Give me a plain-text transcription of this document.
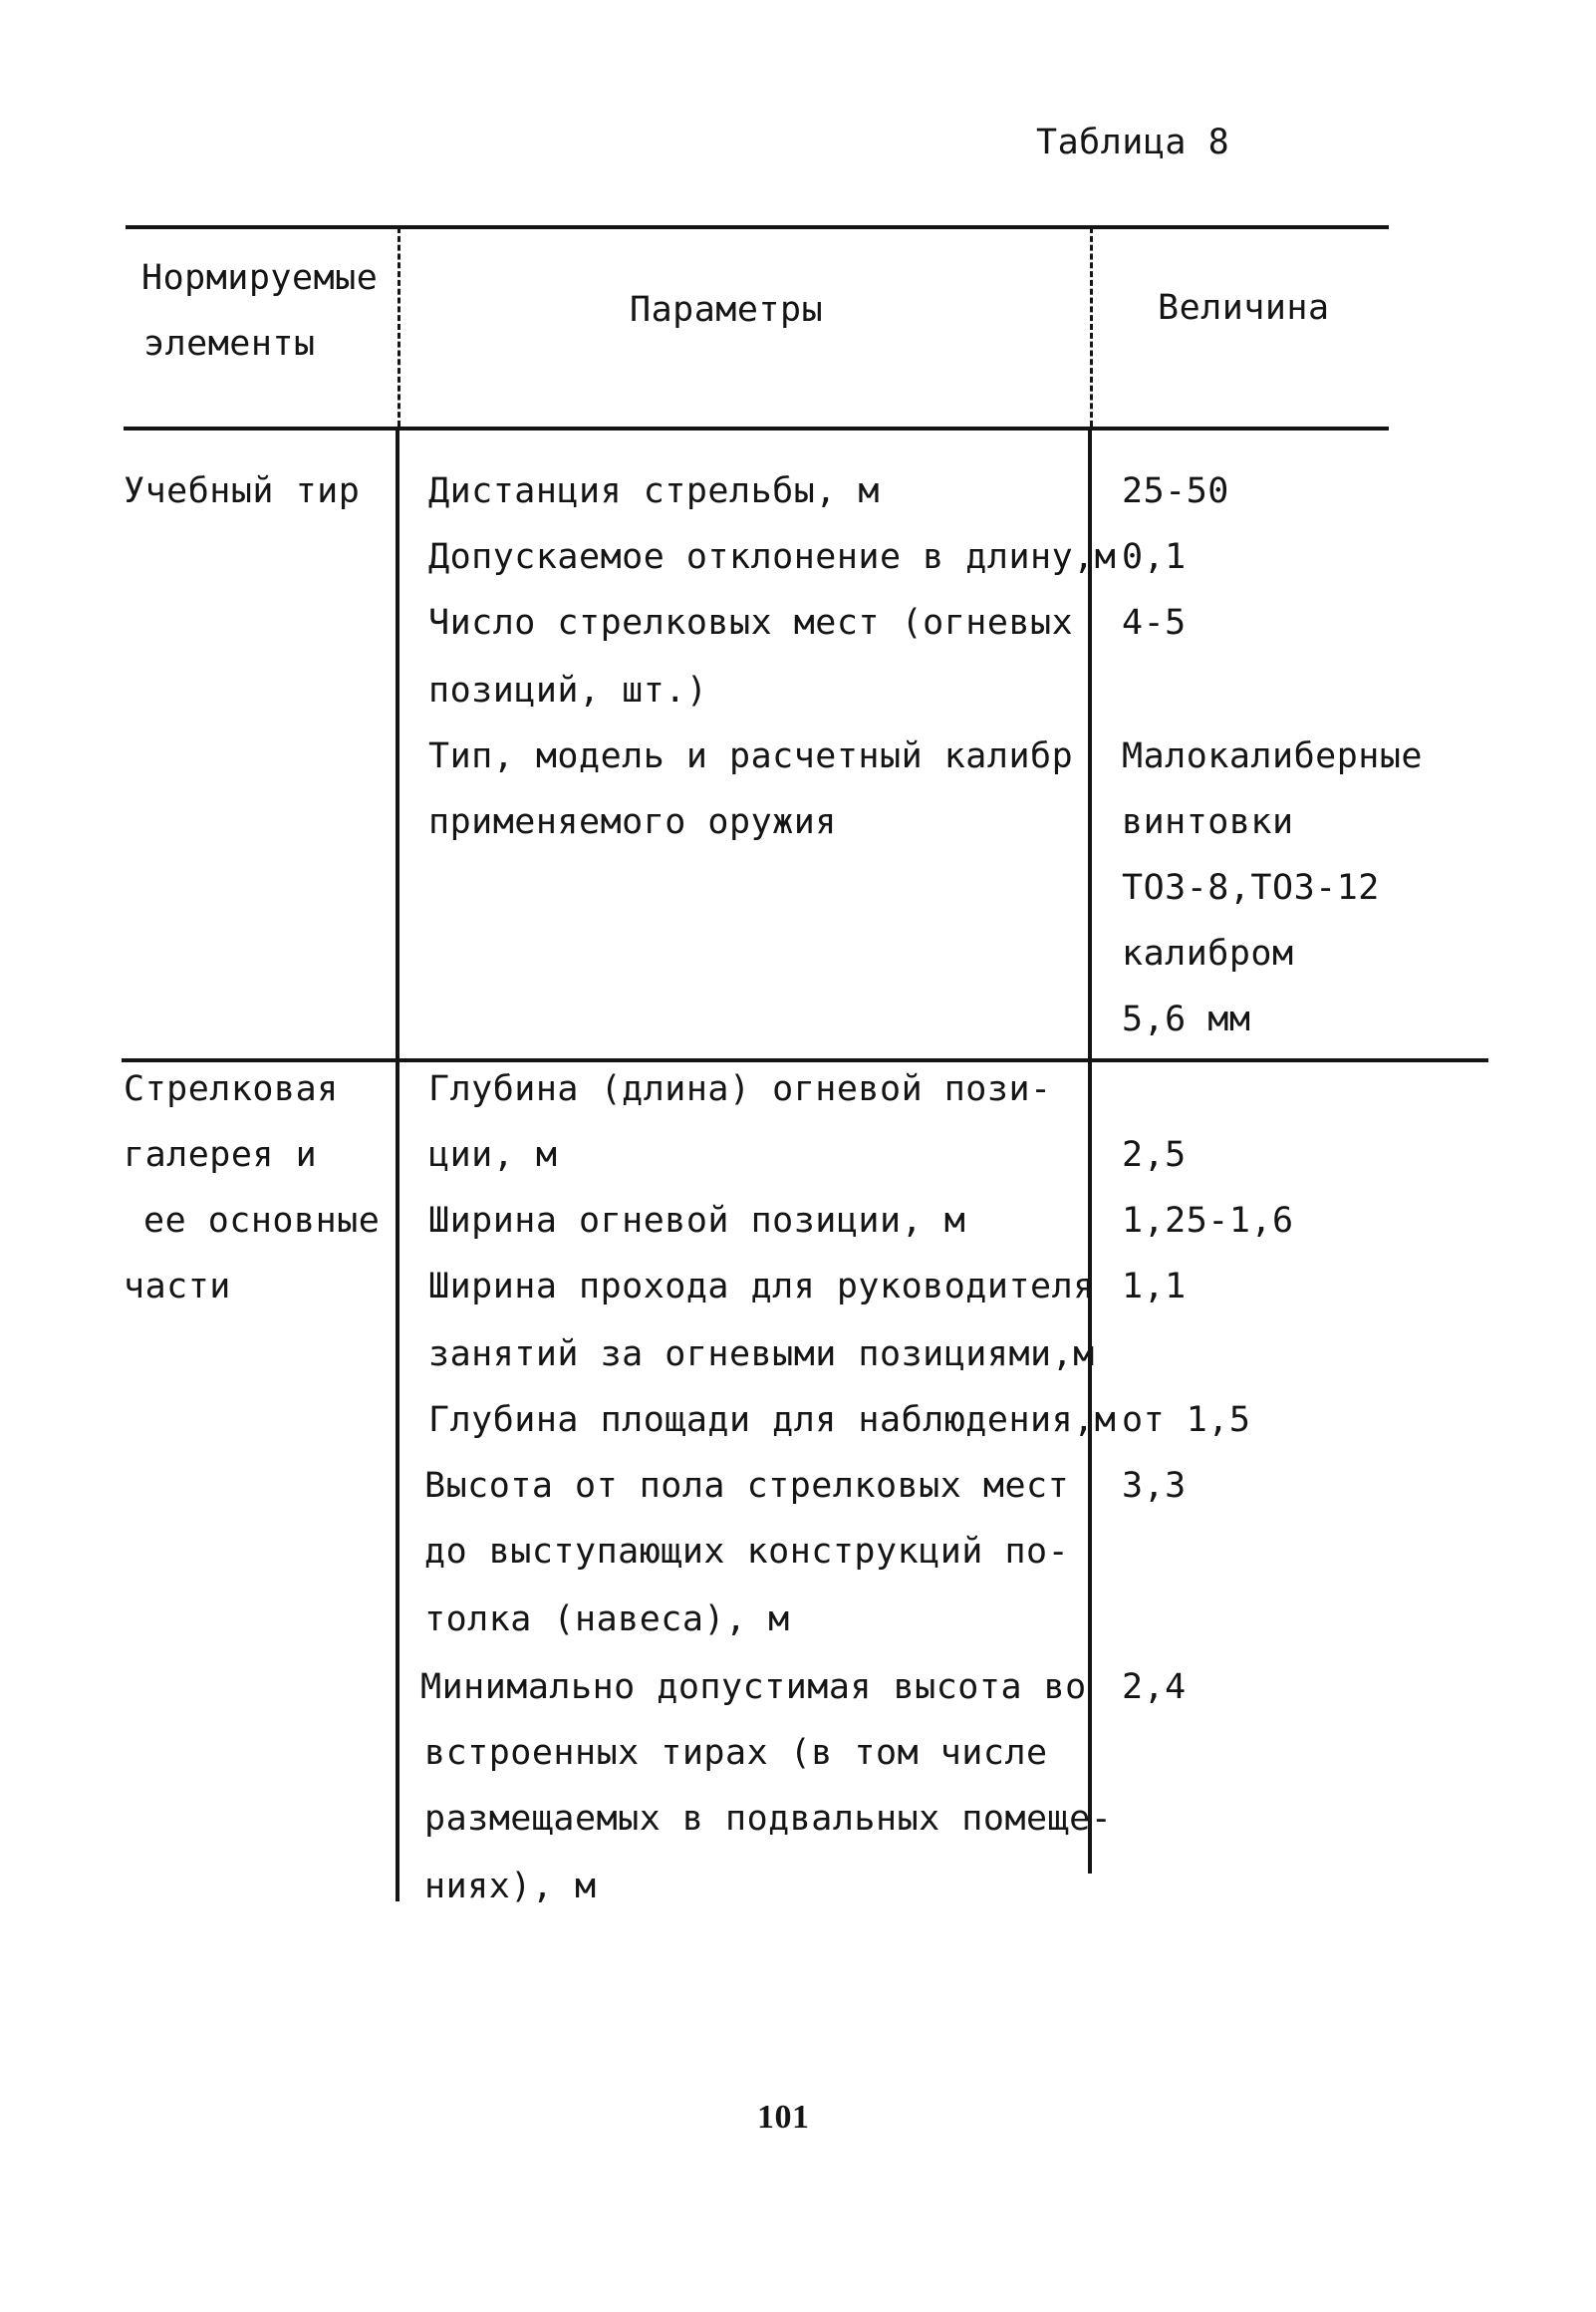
Таблица 8
Нормируемые
элементы
Параметры	Величина
Учебный тир Дистанция стрельбы, м
Допускаемое отклонение в длину,м
Число стрелковых мест (огневых
позиций, шт.)
Тип, модель и расчетный калибр
применяемого оружия
25-50
0,1
4-5
Малокалиберные
винтовки
ТОЗ-8,ТОЗ-12
калибром
5,6 мм
Стрелковая
галерея и
ее основные
части
Глубина (длина) огневой пози-
ции, м
Ширина огневой позиции, м
Ширина прохода для руководителя
занятий за огневыми позициями,м
Глубина площади для наблюдения,м
Высота от пола стрелковых мест
до выступающих конструкций по-
толка (навеса), м
Минимально допустимая высота во
встроенных тирах (в том числе
размещаемых в подвальных помеще-
ниях), м
2,5
1,25-1,6
1,1
от 1,5
3,3
2,4
101
